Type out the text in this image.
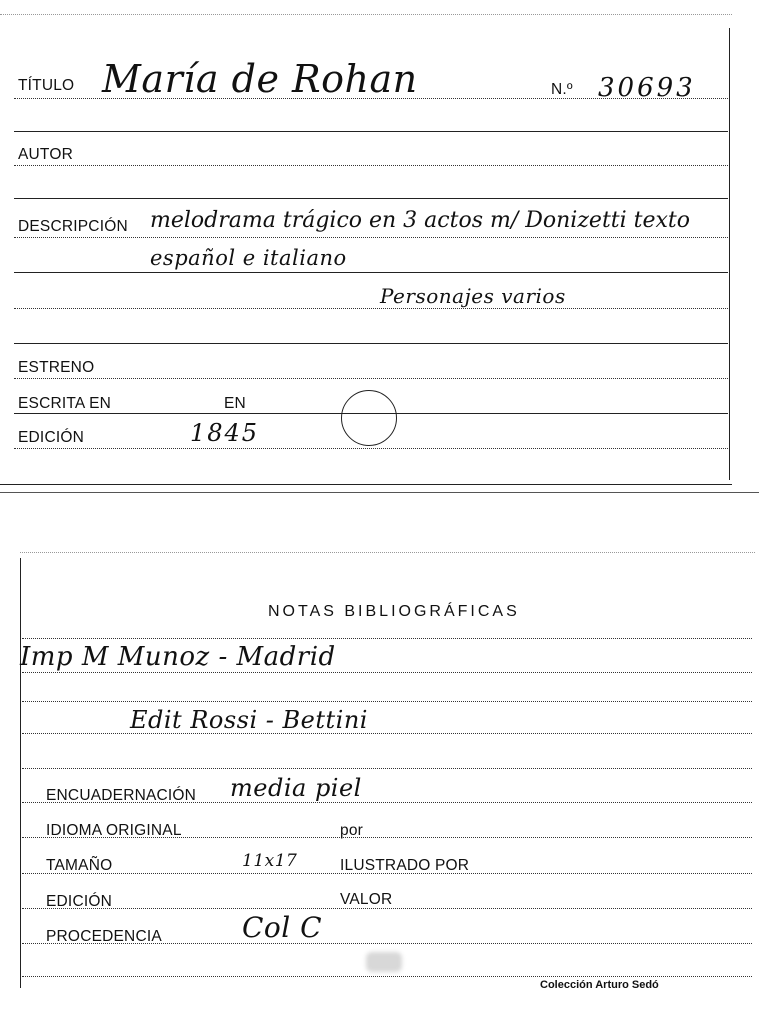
TÍTULO María de Rohan	N.º 30693
AUTOR
DESCRIPCIÓN melodrama trágico en 3 actos m/ Donizetti texto
español e italiano
Personajes varios
ESTRENO
ESCRITA EN	EN
EDICIÓN	1845
NOTAS BIBLIOGRÁFICAS
Imp M Munoz - Madrid
Edit Rossi - Bettini
ENCUADERNACIÓN media piel
IDIOMA ORIGINAL	por
TAMAÑO	11x17	ILUSTRADO POR
EDICIÓN	VALOR
PROCEDENCIA	Col C
Colección Arturo Sedó
